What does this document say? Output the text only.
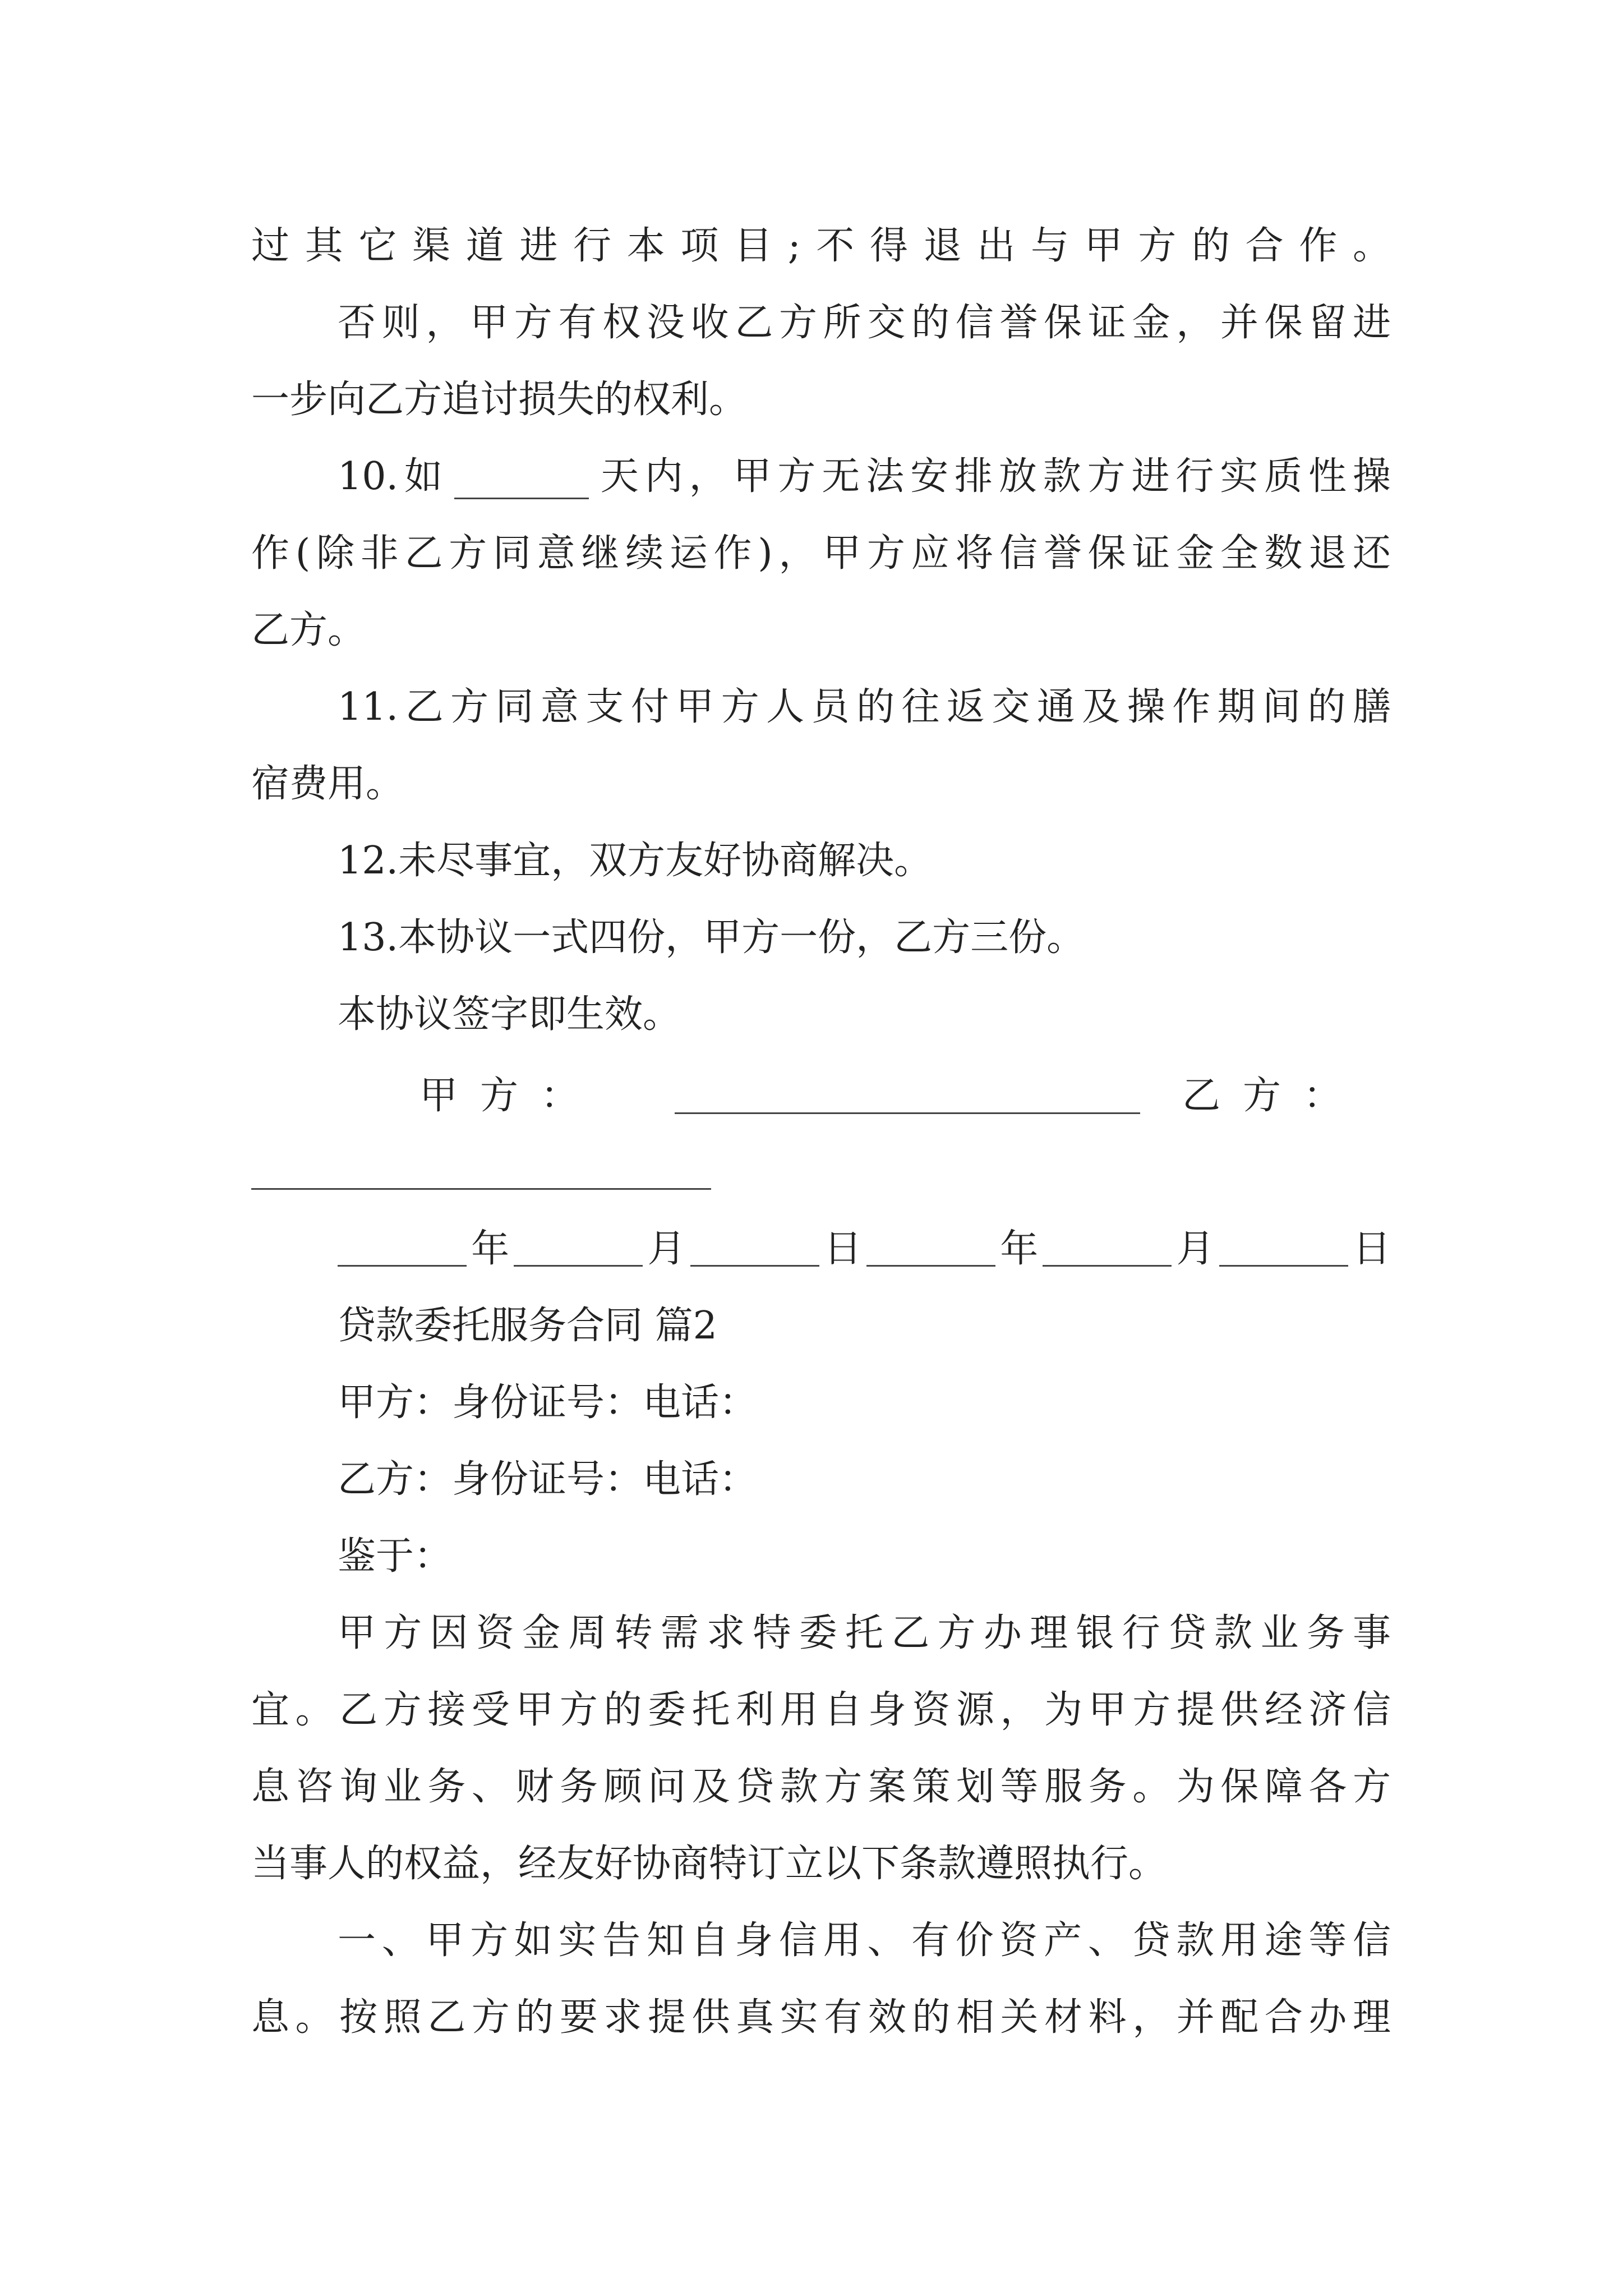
过其它渠道进行本项目;不得退出与甲方的合作。
否则，甲方有权没收乙方所交的信誉保证金，并保留进
一步向乙方追讨损失的权利。
10.如	天内，甲方无法安排放款方进行实质性操
作(除非乙方同意继续运作)，甲方应将信誉保证金全数退还
乙方。
11.乙方同意支付甲方人员的往返交通及操作期间的膳
宿费用。
12.未尽事宜，双方友好协商解决。
13.本协议一式四份，甲方一份，乙方三份。
本协议签字即生效。
甲方：	乙方：
年	月	日	年	月	日
贷款委托服务合同 篇2
甲方：身份证号：电话：
乙方：身份证号：电话：
鉴于：
甲方因资金周转需求特委托乙方办理银行贷款业务事
宜。乙方接受甲方的委托利用自身资源，为甲方提供经济信
息咨询业务、财务顾问及贷款方案策划等服务。为保障各方
当事人的权益，经友好协商特订立以下条款遵照执行。
一、甲方如实告知自身信用、有价资产、贷款用途等信
息。按照乙方的要求提供真实有效的相关材料，并配合办理
